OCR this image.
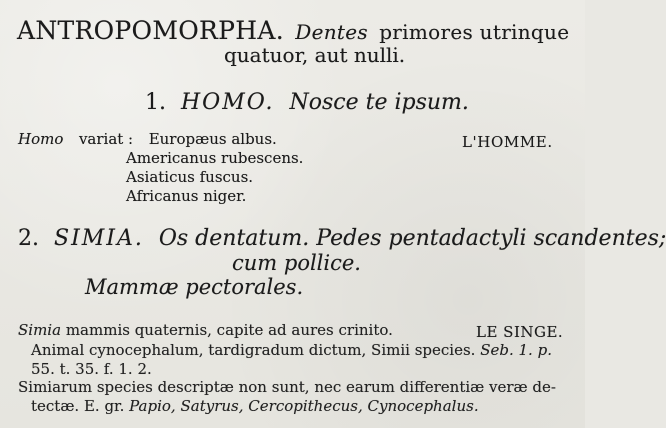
ANTROPOMORPHA. Dentes primores utrinque
quatuor, aut nulli.
1. HOMO. Nosce te ipsum.
Homo variat : Europæus albus.	L'HOMME.
Americanus rubescens.
Asiaticus fuscus.
Africanus niger.
2. SIMIA. Os dentatum. Pedes pentadactyli scandentes;
cum pollice.
Mammæ pectorales.
Simia mammis quaternis, capite ad aures crinito.	LE SINGE.
Animal cynocephalum, tardigradum dictum, Simii species. Seb. 1. p.
55. t. 35. f. 1. 2.
Simiarum species descriptæ non sunt, nec earum differentiæ veræ de-
tectæ. E. gr. Papio, Satyrus, Cercopithecus, Cynocephalus.
